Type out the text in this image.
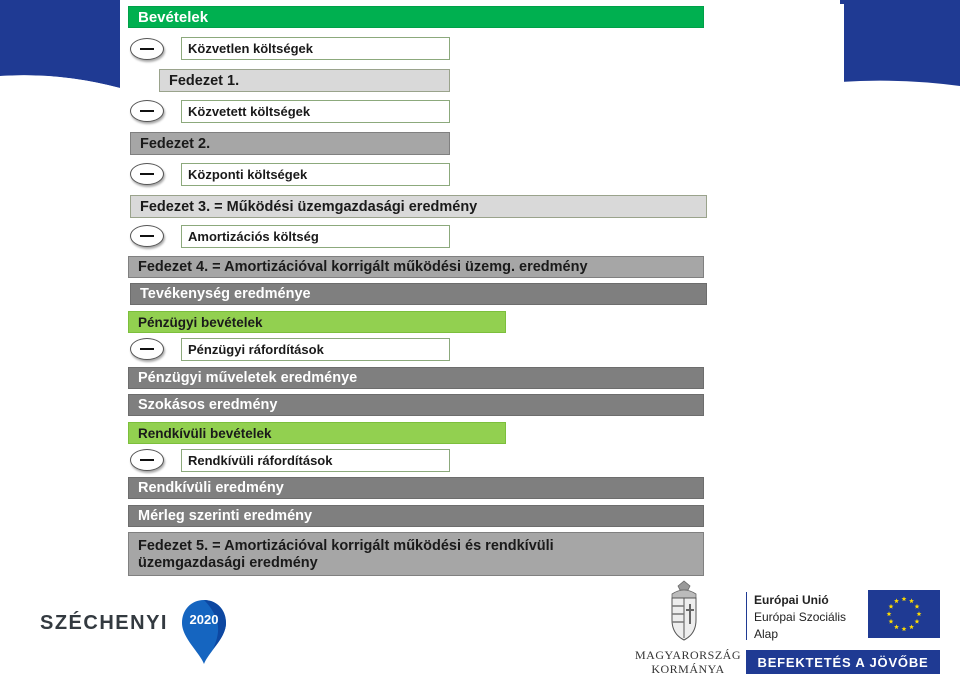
Bevételek
Közvetlen költségek
Fedezet 1.
Közvetett költségek
Fedezet 2.
Központi költségek
Fedezet 3. = Működési üzemgazdasági eredmény
Amortizációs költség
Fedezet 4. = Amortizációval korrigált működési üzemg. eredmény
Tevékenység eredménye
Pénzügyi bevételek
Pénzügyi ráfordítások
Pénzügyi műveletek eredménye
Szokásos eredmény
Rendkívüli bevételek
Rendkívüli ráfordítások
Rendkívüli eredmény
Mérleg szerinti eredmény
Fedezet 5. = Amortizációval korrigált működési és rendkívüli üzemgazdasági eredmény
SZÉCHENYI 2020
MAGYARORSZÁG
KORMÁNYA
Európai Unió
Európai Szociális
Alap
BEFEKTETÉS A JÖVŐBE
